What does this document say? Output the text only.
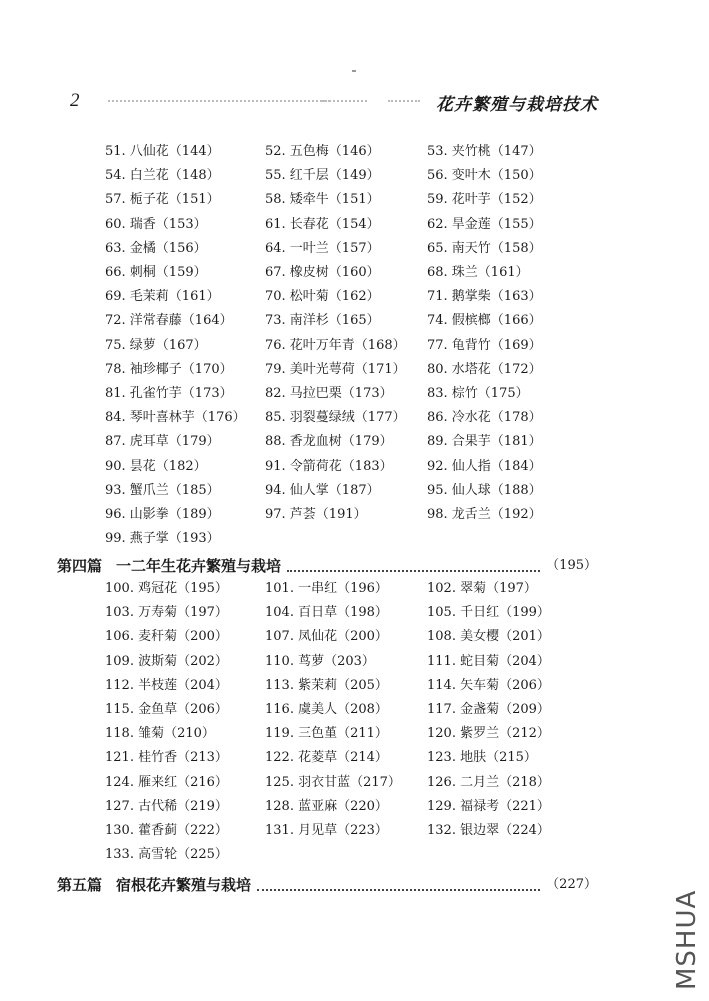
2	花卉繁殖与栽培技术
51. 八仙花（144）	52. 五色梅（146）	53. 夹竹桃（147）
54. 白兰花（148）	55. 红千层（149）	56. 变叶木（150）
57. 栀子花（151）	58. 矮牵牛（151）	59. 花叶芋（152）
60. 瑞香（153）	61. 长春花（154）	62. 旱金莲（155）
63. 金橘（156）	64. 一叶兰（157）	65. 南天竹（158）
66. 刺桐（159）	67. 橡皮树（160）	68. 珠兰（161）
69. 毛茉莉（161）	70. 松叶菊（162）	71. 鹅掌柴（163）
72. 洋常春藤（164） 73. 南洋杉（165）	74. 假槟榔（166）
75. 绿萝（167）	76. 花叶万年青（168） 77. 龟背竹（169）
78. 袖珍椰子（170） 79. 美叶光萼荷（171） 80. 水塔花（172）
81. 孔雀竹芋（173） 82. 马拉巴栗（173）	83. 棕竹（175）
84. 琴叶喜林芋（176） 85. 羽裂蔓绿绒（177） 86. 冷水花（178）
87. 虎耳草（179）	88. 香龙血树（179）	89. 合果芋（181）
90. 昙花（182）	91. 令箭荷花（183）	92. 仙人指（184）
93. 蟹爪兰（185）	94. 仙人掌（187）	95. 仙人球（188）
96. 山影拳（189）	97. 芦荟（191）	98. 龙舌兰（192）
99. 燕子掌（193）
第四篇 一二年生花卉繁殖与栽培	（195）
100. 鸡冠花（195）	101. 一串红（196）	102. 翠菊（197）
103. 万寿菊（197）	104. 百日草（198）	105. 千日红（199）
106. 麦秆菊（200）	107. 凤仙花（200）	108. 美女樱（201）
109. 波斯菊（202）	110. 茑萝（203）	111. 蛇目菊（204）
112. 半枝莲（204）	113. 紫茉莉（205）	114. 矢车菊（206）
115. 金鱼草（206）	116. 虞美人（208）	117. 金盏菊（209）
118. 雏菊（210）	119. 三色堇（211）	120. 紫罗兰（212）
121. 桂竹香（213）	122. 花菱草（214）	123. 地肤（215）
124. 雁来红（216）	125. 羽衣甘蓝（217） 126. 二月兰（218）
127. 古代稀（219）	128. 蓝亚麻（220）	129. 福禄考（221）
130. 藿香蓟（222）	131. 月见草（223）	132. 银边翠（224）
133. 高雪轮（225）
第五篇 宿根花卉繁殖与栽培	（227）
MSHUA
